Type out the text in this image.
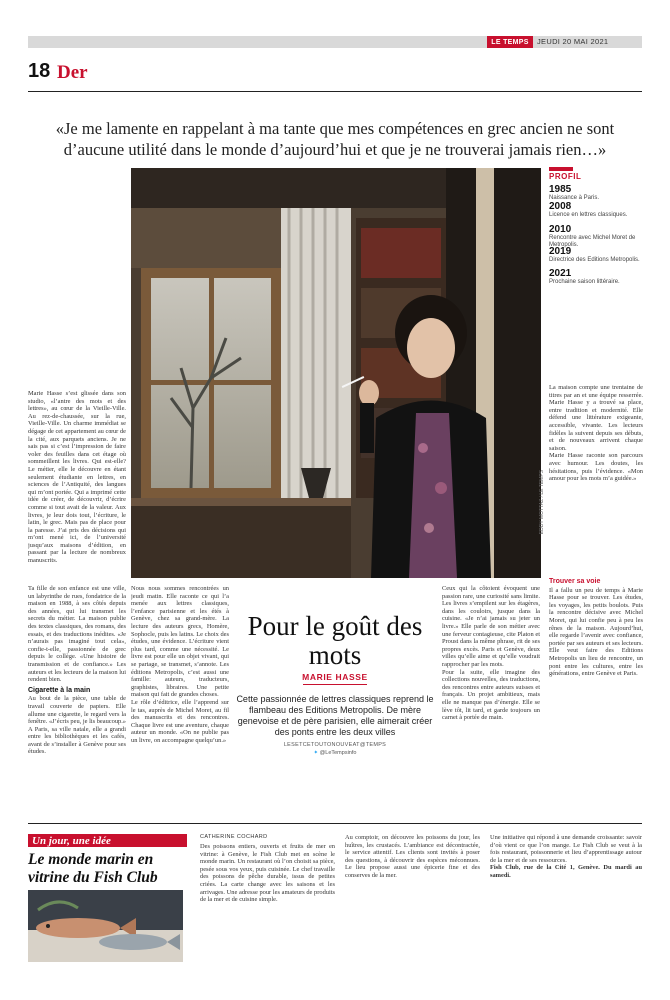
LE TEMPS	JEUDI 20 MAI 2021
18 Der
«Je me lamente en rappelant à ma tante que mes compétences en grec ancien ne sont d’aucune utilité dans le monde d’aujourd’hui et que je ne trouverai jamais rien…»
EDDY MOTTAZ / LE TEMPS
PROFIL
1985
Naissance à Paris.
2008
Licence en lettres classiques.
2010
Rencontre avec Michel Moret de Metropolis.
2019
Directrice des Editions Metropolis.
2021
Prochaine saison littéraire.
Marie Hasse s’est glissée dans son studio, «l’antre des mots et des lettres», au cœur de la Vieille-Ville. Au rez-de-chaussée, sur la rue, Vieille-Ville. Un charme immédiat se dégage de cet appartement au cœur de la cité, aux parquets anciens. Je ne sais pas si c’est l’impression de faire voler des feuilles dans cet étage où sommeillent les livres. Qui est-elle? Le métier, elle le découvre en étant seulement étudiante en lettres, en sciences de l’Antiquité, des langues qui m’ont portée. Qui a imprimé cette idée de créer, de découvrir, d’écrire comme si tout avait de la valeur. Aux livres, je leur dois tout, l’écriture, le latin, le grec. Mais pas de place pour la paresse. J’ai pris des décisions qui m’ont mené ici, de l’université jusqu’aux maisons d’édition, en passant par la lecture de nombreux manuscrits.
La maison compte une trentaine de titres par an et une équipe resserrée. Marie Hasse y a trouvé sa place, entre tradition et modernité. Elle défend une littérature exigeante, accessible, vivante. Les lecteurs fidèles la suivent depuis ses débuts, et de nouveaux arrivent chaque saison.
Marie Hasse raconte son parcours avec humour. Les doutes, les hésitations, puis l’évidence. «Mon amour pour les mots m’a guidée.»
Ta fille de son enfance est une ville, un labyrinthe de rues, fondatrice de la maison en 1988, à ses côtés depuis des années, qui lui transmet les secrets du métier. La maison publie des textes classiques, des romans, des essais, et des traductions inédites. «Je n’aurais pas imaginé tout cela», confie-t-elle, passionnée de grec depuis le collège. «Une histoire de transmission et de confiance.» Les auteurs et les lecteurs de la maison lui rendent bien.
Cigarette à la main
Au bout de la pièce, une table de travail couverte de papiers. Elle allume une cigarette, le regard vers la fenêtre. «J’écris peu, je lis beaucoup.» A Paris, sa ville natale, elle a grandi entre les bibliothèques et les cafés, avant de s’installer à Genève pour ses études.
Nous nous sommes rencontrées un jeudi matin. Elle raconte ce qui l’a menée aux lettres classiques, l’enfance parisienne et les étés à Genève, chez sa grand-mère. La lecture des auteurs grecs, Homère, Sophocle, puis les latins. Le choix des études, une évidence. L’écriture vient plus tard, comme une nécessité. Le livre est pour elle un objet vivant, qui se partage, se transmet, s’annote. Les éditions Metropolis, c’est aussi une famille: auteurs, traducteurs, graphistes, libraires. Une petite maison qui fait de grandes choses.
Le rôle d’éditrice, elle l’apprend sur le tas, auprès de Michel Moret, au fil des manuscrits et des rencontres. Chaque livre est une aventure, chaque auteur un monde. «On ne publie pas un livre, on accompagne quelqu’un.»
Pour le goût des mots
MARIE HASSE
Cette passionnée de lettres classiques reprend le flambeau des Editions Metropolis. De mère genevoise et de père parisien, elle aimerait créer des ponts entre les deux villes
LESETCETOUTONOUVEAT@TEMPS
✦ @LeTempsinfo
Ceux qui la côtoient évoquent une passion rare, une curiosité sans limite. Les livres s’empilent sur les étagères, dans les couloirs, jusque dans la cuisine. «Je n’ai jamais su jeter un livre.» Elle parle de son métier avec une ferveur contagieuse, cite Platon et Proust dans la même phrase, rit de ses propres excès. Paris et Genève, deux villes qu’elle aime et qu’elle voudrait rapprocher par les mots.
Pour la suite, elle imagine des collections nouvelles, des traductions, des rencontres entre auteurs suisses et français. Un projet ambitieux, mais elle ne manque pas d’énergie. Elle se lève tôt, lit tard, et garde toujours un carnet à portée de main.
Trouver sa voie
Il a fallu un peu de temps à Marie Hasse pour se trouver. Les études, les voyages, les petits boulots. Puis la rencontre décisive avec Michel Moret, qui lui confie peu à peu les rênes de la maison. Aujourd’hui, elle regarde l’avenir avec confiance, portée par ses auteurs et ses lecteurs. Elle veut faire des Editions Metropolis un lieu de rencontre, un pont entre les cultures, entre les générations, entre Genève et Paris.
Un jour, une idée
Le monde marin en vitrine du Fish Club
CATHERINE COCHARD
Des poissons entiers, ouverts et fruits de mer en vitrine: à Genève, le Fish Club met en scène le monde marin. Un restaurant où l’on choisit sa pièce, pesée sous vos yeux, puis cuisinée. Le chef travaille des poissons de pêche durable, issus de petites criées. La carte change avec les saisons et les arrivages. Une adresse pour les amateurs de produits de la mer et de cuisine simple.
Au comptoir, on découvre les poissons du jour, les huîtres, les crustacés. L’ambiance est décontractée, le service attentif. Les clients sont invités à poser des questions, à découvrir des espèces méconnues. Le lieu propose aussi une épicerie fine et des conserves de la mer.
Une initiative qui répond à une demande croissante: savoir d’où vient ce que l’on mange. Le Fish Club se veut à la fois restaurant, poissonnerie et lieu d’apprentissage autour de la mer et de ses ressources.
Fish Club, rue de la Cité 1, Genève. Du mardi au samedi.
